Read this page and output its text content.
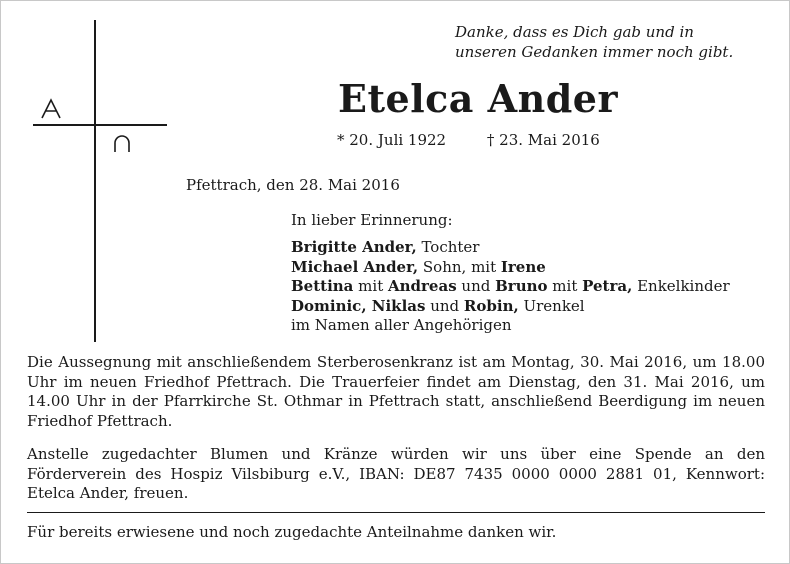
Danke, dass es Dich gab und in
unseren Gedanken immer noch gibt.
Etelca Ander
* 20. Juli 1922	† 23. Mai 2016
Pfettrach, den 28. Mai 2016
In lieber Erinnerung:
Brigitte Ander, Tochter
Michael Ander, Sohn, mit Irene
Bettina mit Andreas und Bruno mit Petra, Enkelkinder
Dominic, Niklas und Robin, Urenkel
im Namen aller Angehörigen
Die Aussegnung mit anschließendem Sterberosenkranz ist am Montag, 30. Mai 2016, um 18.00 Uhr im neuen Friedhof Pfettrach. Die Trauerfeier findet am Dienstag, den 31. Mai 2016, um 14.00 Uhr in der Pfarrkirche St. Othmar in Pfettrach statt, anschließend Beerdigung im neuen Friedhof Pfettrach.
Anstelle zugedachter Blumen und Kränze würden wir uns über eine Spende an den Förderverein des Hospiz Vilsbiburg e.V., IBAN: DE87 7435 0000 0000 2881 01, Kennwort: Etelca Ander, freuen.
Für bereits erwiesene und noch zugedachte Anteilnahme danken wir.
